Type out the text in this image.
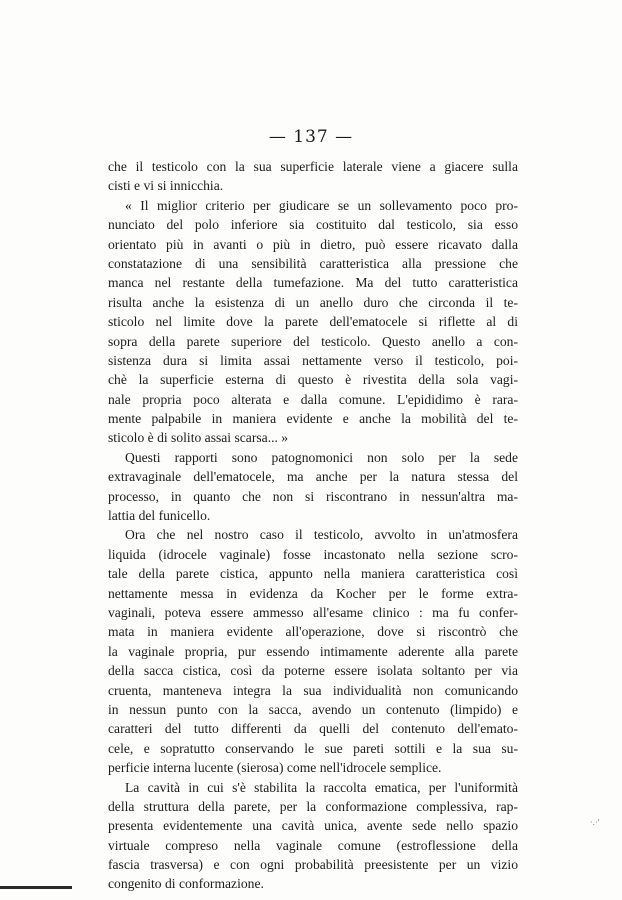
— 137 —
che il testicolo con la sua superficie laterale viene a giacere sulla
cisti e vi si innicchia.
« Il miglior criterio per giudicare se un sollevamento poco pro-
nunciato del polo inferiore sia costituito dal testicolo, sia esso
orientato più in avanti o più in dietro, può essere ricavato dalla
constatazione di una sensibilità caratteristica alla pressione che
manca nel restante della tumefazione. Ma del tutto caratteristica
risulta anche la esistenza di un anello duro che circonda il te-
sticolo nel limite dove la parete dell'ematocele si riflette al di
sopra della parete superiore del testicolo. Questo anello a con-
sistenza dura si limita assai nettamente verso il testicolo, poi-
chè la superficie esterna di questo è rivestita della sola vagi-
nale propria poco alterata e dalla comune. L'epididimo è rara-
mente palpabile in maniera evidente e anche la mobilità del te-
sticolo è di solito assai scarsa... »
Questi rapporti sono patognomonici non solo per la sede
extravaginale dell'ematocele, ma anche per la natura stessa del
processo, in quanto che non si riscontrano in nessun'altra ma-
lattia del funicello.
Ora che nel nostro caso il testicolo, avvolto in un'atmosfera
liquida (idrocele vaginale) fosse incastonato nella sezione scro-
tale della parete cistica, appunto nella maniera caratteristica così
nettamente messa in evidenza da Kocher per le forme extra-
vaginali, poteva essere ammesso all'esame clinico : ma fu confer-
mata in maniera evidente all'operazione, dove si riscontrò che
la vaginale propria, pur essendo intimamente aderente alla parete
della sacca cistica, così da poterne essere isolata soltanto per via
cruenta, manteneva integra la sua individualità non comunicando
in nessun punto con la sacca, avendo un contenuto (limpido) e
caratteri del tutto differenti da quelli del contenuto dell'emato-
cele, e sopratutto conservando le sue pareti sottili e la sua su-
perficie interna lucente (sierosa) come nell'idrocele semplice.
La cavità in cui s'è stabilita la raccolta ematica, per l'uniformità
della struttura della parete, per la conformazione complessiva, rap-
presenta evidentemente una cavità unica, avente sede nello spazio
virtuale compreso nella vaginale comune (estroflessione della
fascia trasversa) e con ogni probabilità preesistente per un vizio
congenito di conformazione.
·.·'
